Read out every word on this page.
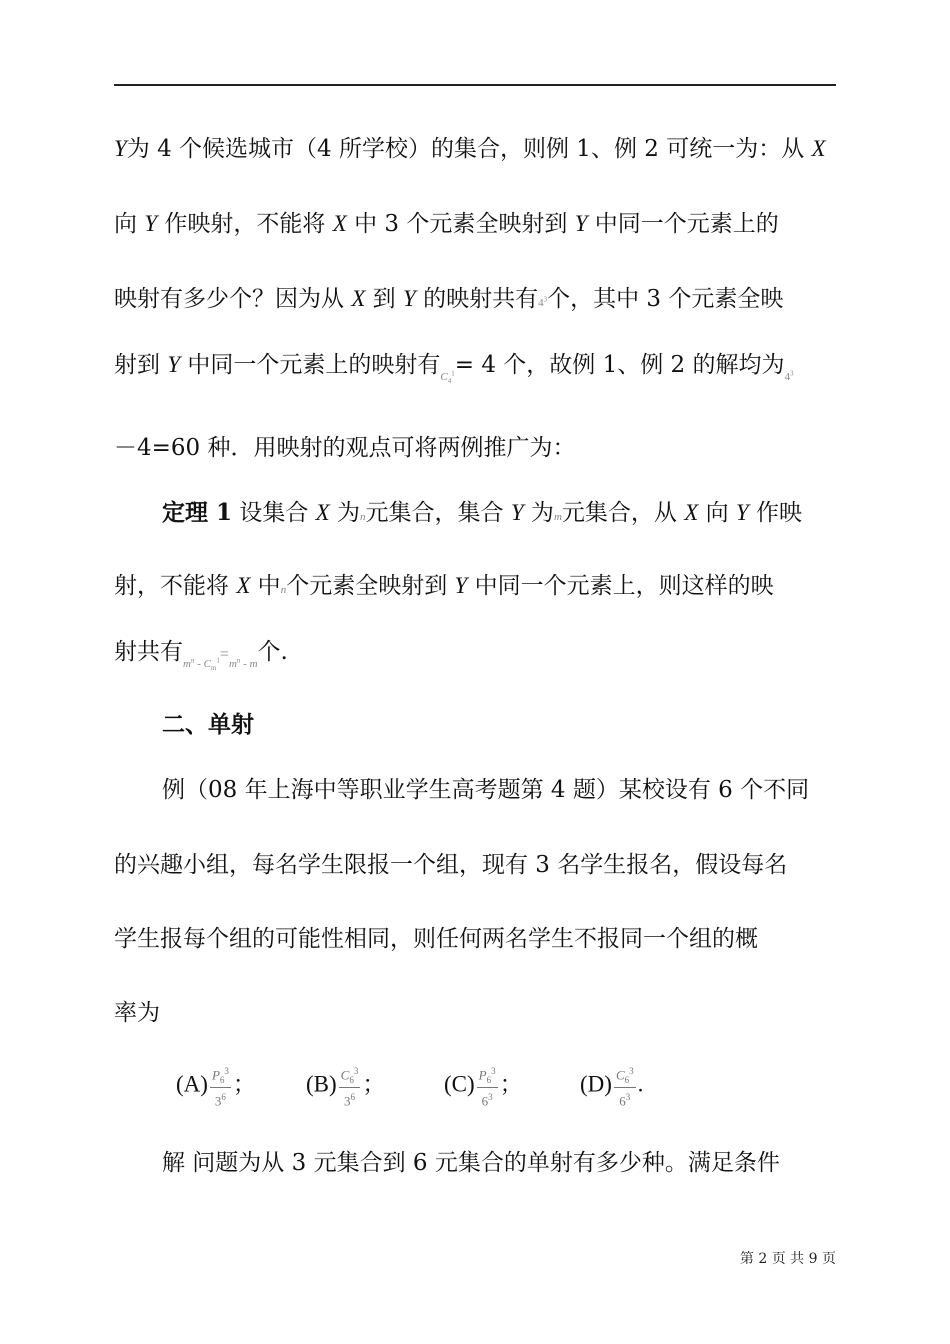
Y为 4 个候选城市（4 所学校）的集合，则例 1、例 2 可统一为：从 X
向 Y 作映射，不能将 X 中 3 个元素全映射到 Y 中同一个元素上的
映射有多少个？因为从 X 到 Y 的映射共有$4^3$个，其中 3 个元素全映
射到 Y 中同一个元素上的映射有$_{C_4^1}$= 4 个，故例 1、例 2 的解均为$_{4^3}$
－4=60 种．用映射的观点可将两例推广为：
定理 1 设集合 X 为n元集合，集合 Y 为m元集合，从 X 向 Y 作映
射，不能将 X 中n个元素全映射到 Y 中同一个元素上，则这样的映
射共有$_{m^n}$ $_-$ $_{C_m^1}=_{m^n}$ $_{- m}$个.
二、单射
例（08 年上海中等职业学生高考题第 4 题）某校设有 6 个不同
的兴趣小组，每名学生限报一个组，现有 3 名学生报名，假设每名
学生报每个组的可能性相同，则任何两名学生不报同一个组的概
率为
$(A) \frac{P_6^3}{3^6}$ ； $(B) \frac{C_6^3}{3^6}$ ；	$(C) \frac{P_6^3}{6^3}$ ； $(D) \frac{C_6^3}{6^3}$ .
解 问题为从 3 元集合到 6 元集合的单射有多少种。满足条件
第 2 页 共 9 页
